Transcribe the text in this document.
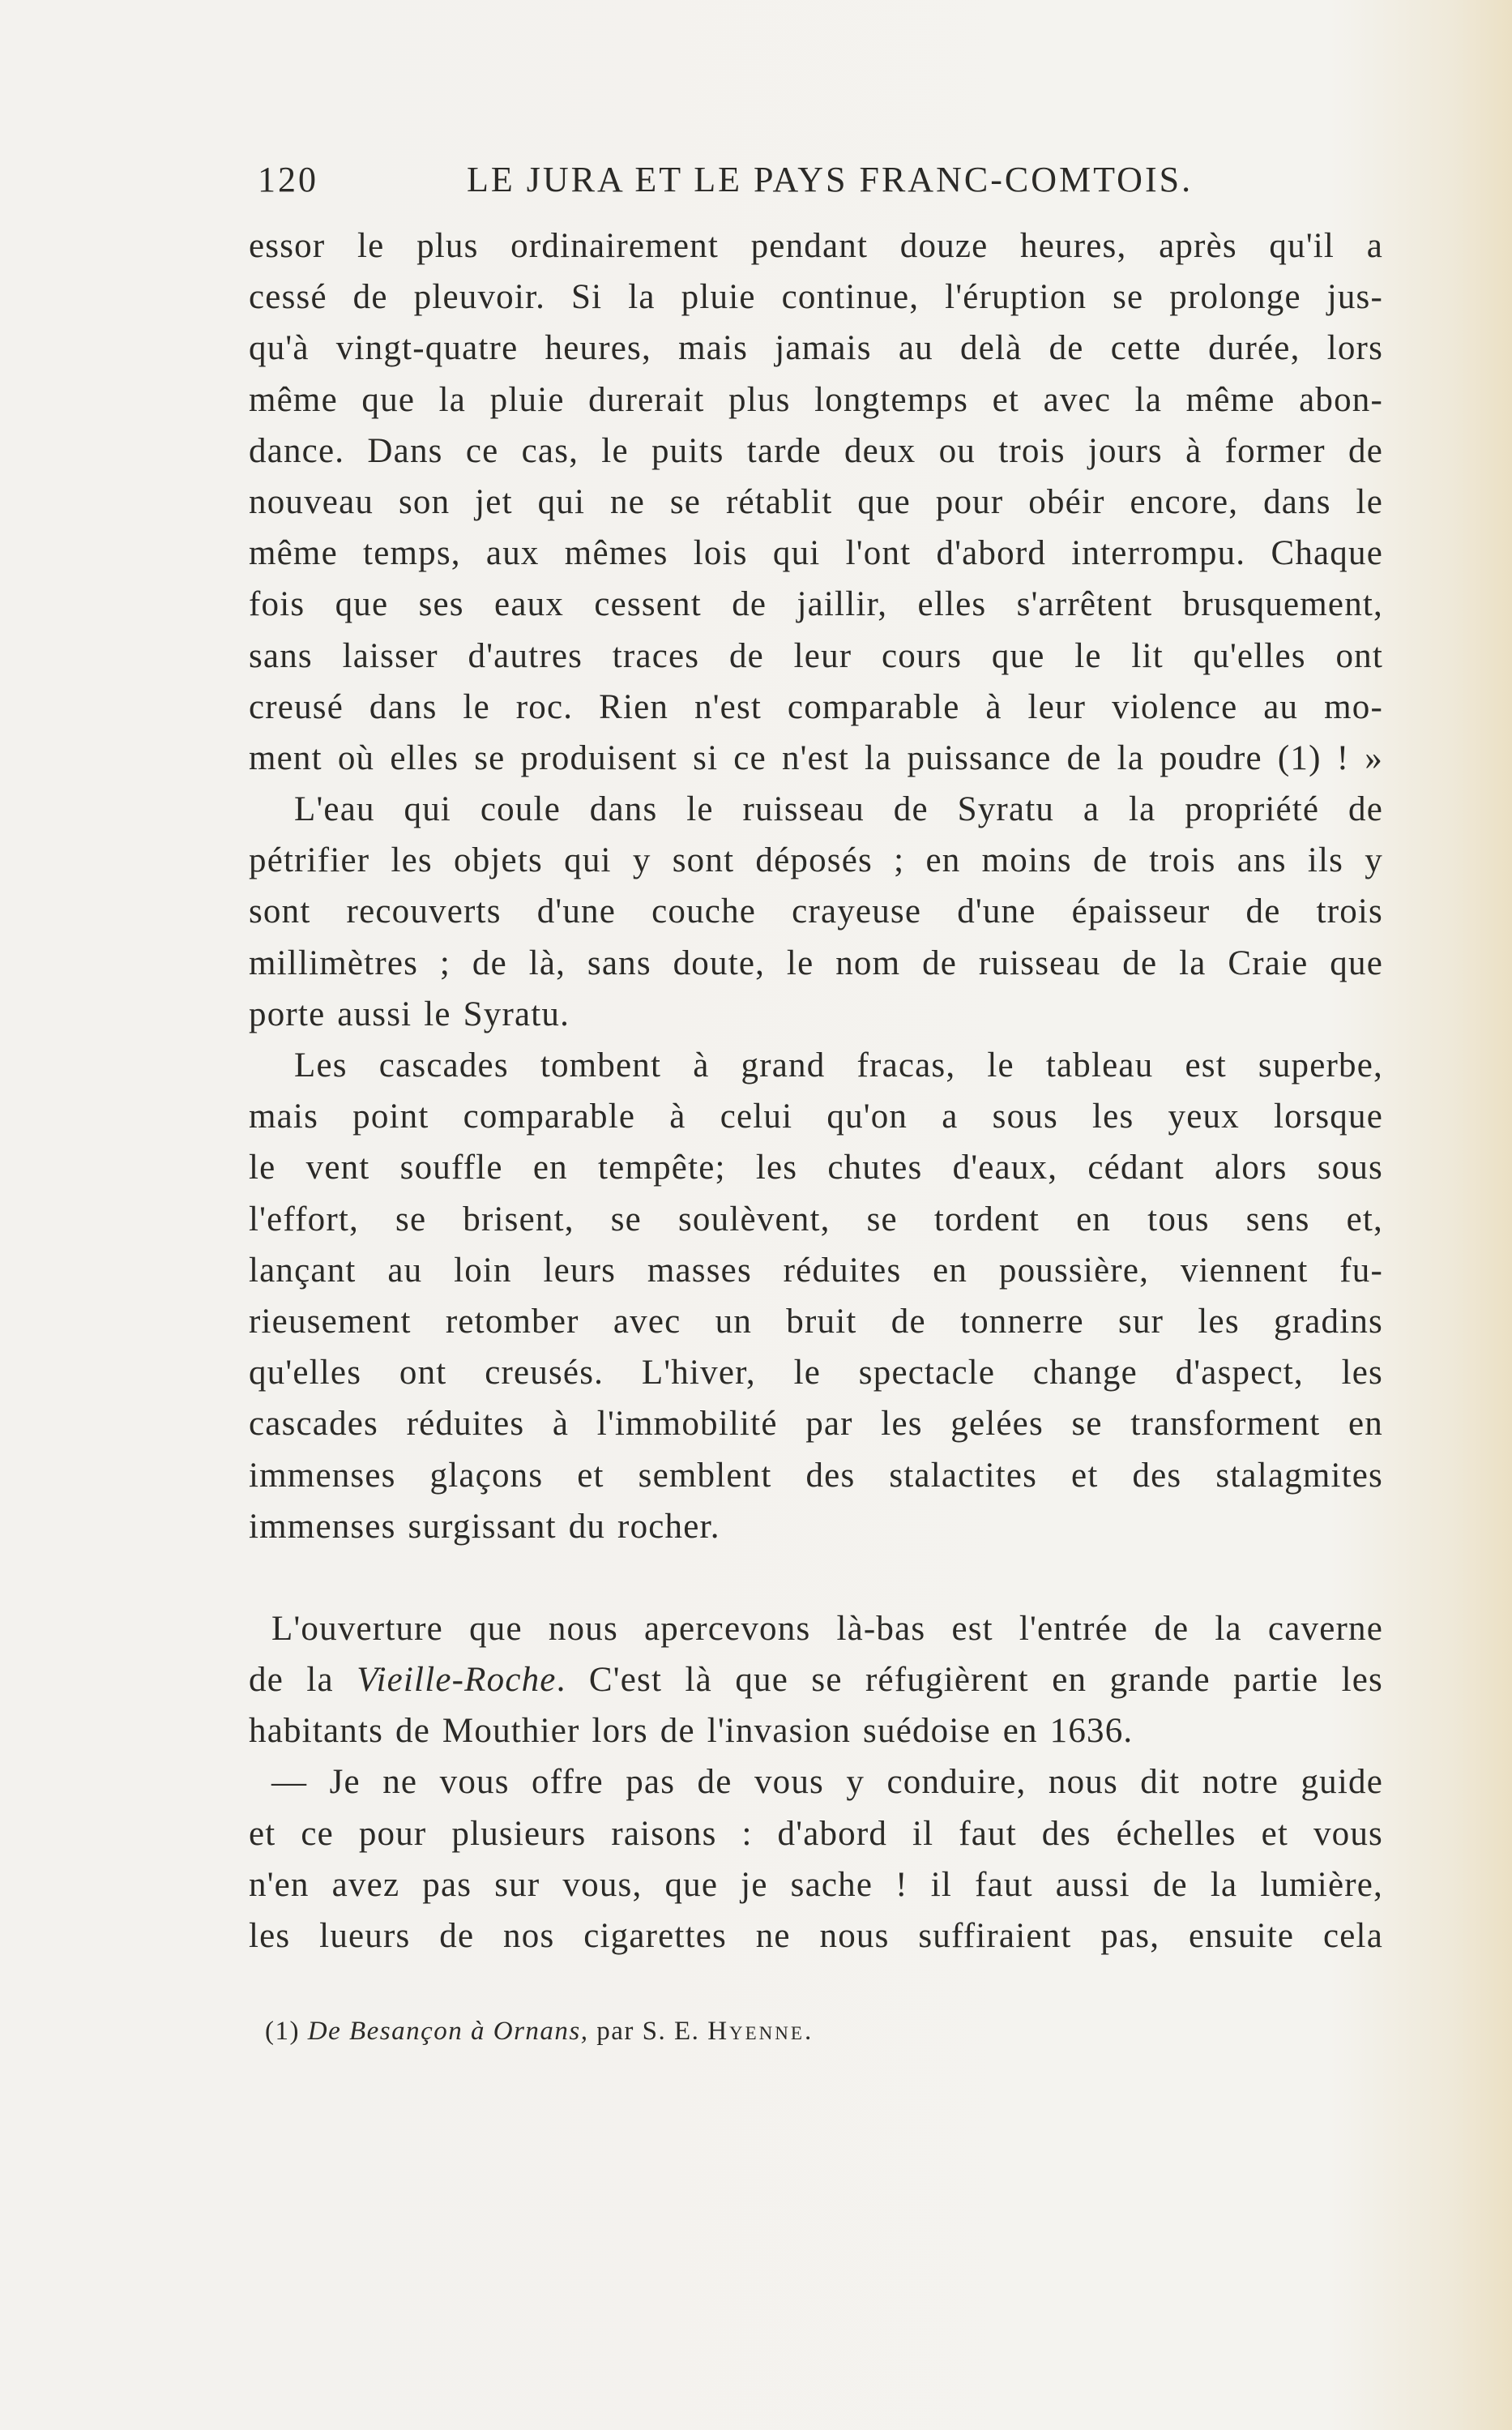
120	LE JURA ET LE PAYS FRANC-COMTOIS.
essor le plus ordinairement pendant douze heures, après qu'il a
cessé de pleuvoir. Si la pluie continue, l'éruption se prolonge jus-
qu'à vingt-quatre heures, mais jamais au delà de cette durée, lors
même que la pluie durerait plus longtemps et avec la même abon-
dance. Dans ce cas, le puits tarde deux ou trois jours à former de
nouveau son jet qui ne se rétablit que pour obéir encore, dans le
même temps, aux mêmes lois qui l'ont d'abord interrompu. Chaque
fois que ses eaux cessent de jaillir, elles s'arrêtent brusquement,
sans laisser d'autres traces de leur cours que le lit qu'elles ont
creusé dans le roc. Rien n'est comparable à leur violence au mo-
ment où elles se produisent si ce n'est la puissance de la poudre (1) ! »
L'eau qui coule dans le ruisseau de Syratu a la propriété de
pétrifier les objets qui y sont déposés ; en moins de trois ans ils y
sont recouverts d'une couche crayeuse d'une épaisseur de trois
millimètres ; de là, sans doute, le nom de ruisseau de la Craie que
porte aussi le Syratu.
Les cascades tombent à grand fracas, le tableau est superbe,
mais point comparable à celui qu'on a sous les yeux lorsque
le vent souffle en tempête; les chutes d'eaux, cédant alors sous
l'effort, se brisent, se soulèvent, se tordent en tous sens et,
lançant au loin leurs masses réduites en poussière, viennent fu-
rieusement retomber avec un bruit de tonnerre sur les gradins
qu'elles ont creusés. L'hiver, le spectacle change d'aspect, les
cascades réduites à l'immobilité par les gelées se transforment en
immenses glaçons et semblent des stalactites et des stalagmites
immenses surgissant du rocher.
L'ouverture que nous apercevons là-bas est l'entrée de la caverne
de la Vieille-Roche. C'est là que se réfugièrent en grande partie les
habitants de Mouthier lors de l'invasion suédoise en 1636.
— Je ne vous offre pas de vous y conduire, nous dit notre guide
et ce pour plusieurs raisons : d'abord il faut des échelles et vous
n'en avez pas sur vous, que je sache ! il faut aussi de la lumière,
les lueurs de nos cigarettes ne nous suffiraient pas, ensuite cela
(1) De Besançon à Ornans, par S. E. Hyenne.
